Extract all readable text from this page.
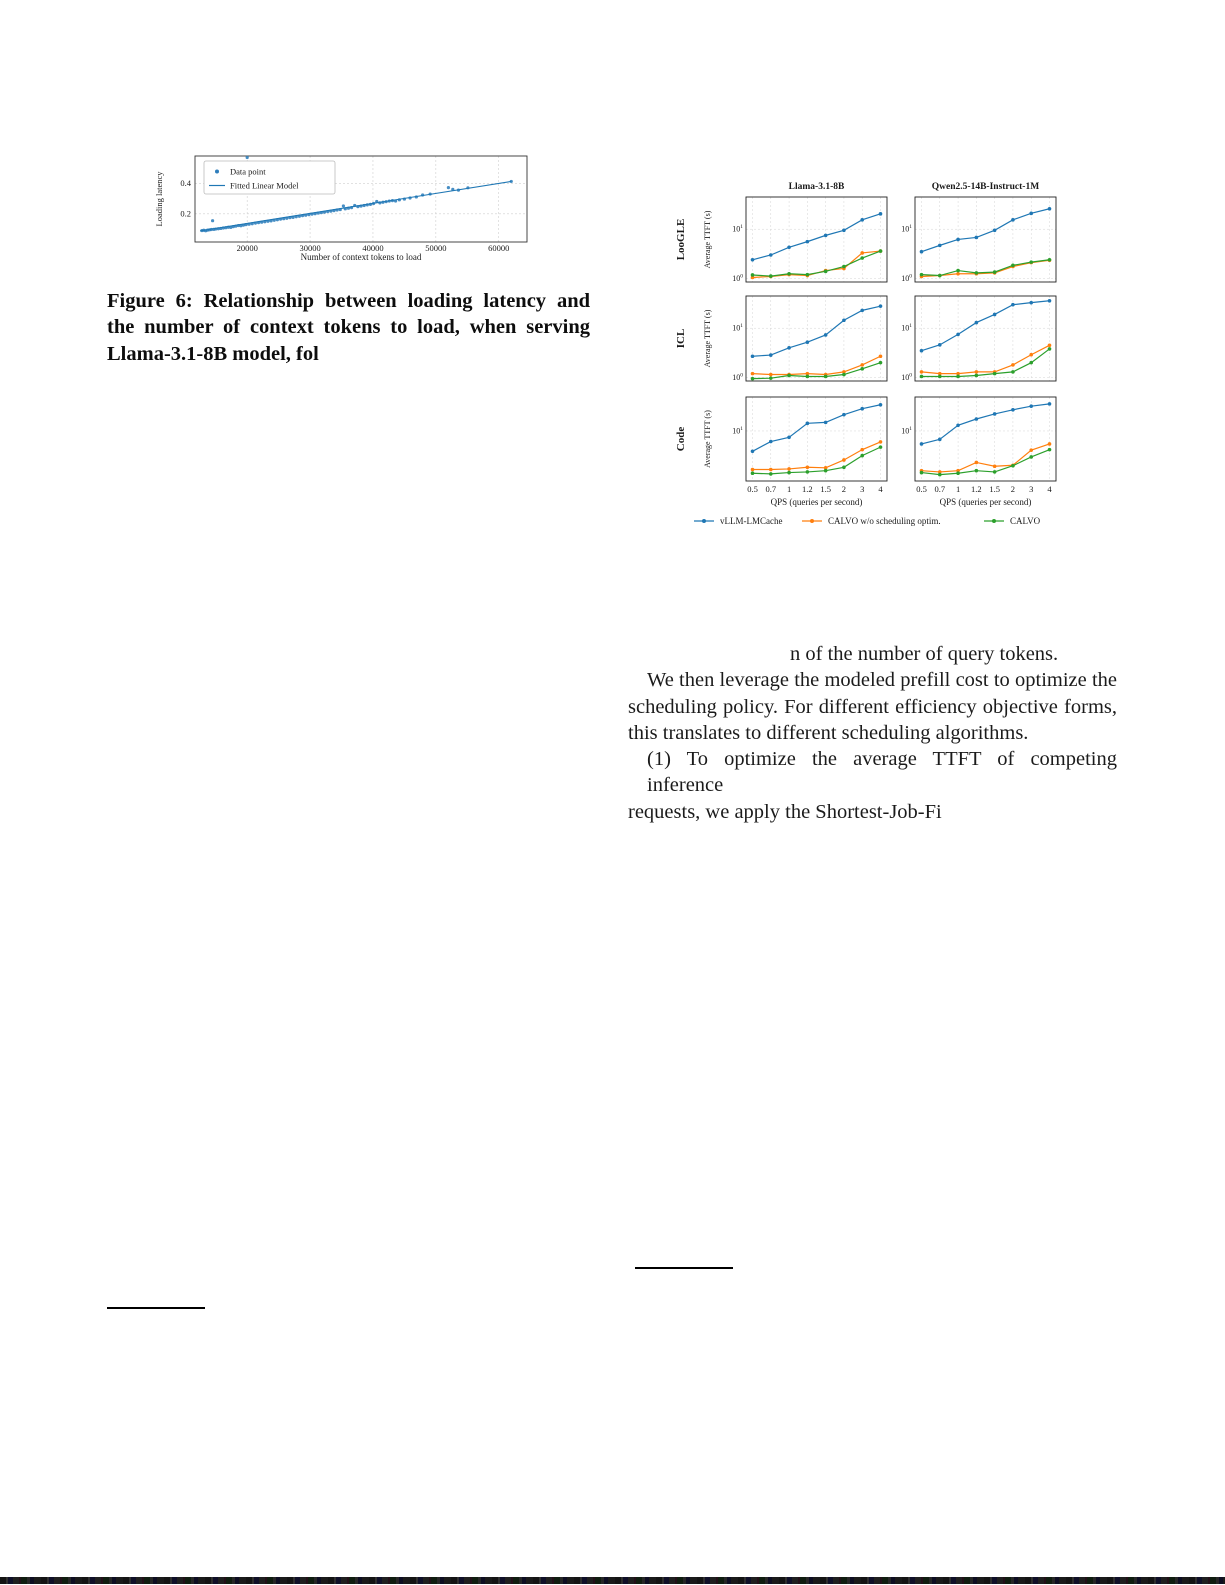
20000	30000	40000	50000	60000
0.2
0.4
Data point
Fitted Linear Model
Loading latency
Number of context tokens to load
Figure 6: Relationship between loading latency and
the number of context tokens to load, when serving
Llama-3.1-8B model, fol
Llama-3.1-8B	Qwen2.5-14B-Instruct-1M
LooGLE Average TTFT (s)
$10^0$
$10^1$
$10^0$
$10^1$
ICL Average TTFT (s)
$10^0$
$10^1$
$10^0$
$10^1$
Code Average TTFT (s)	$10^1$
0.5 0.7 1 1.2 1.5 2 3 4
QPS (queries per second)
$10^1$
0.5 0.7 1 1.2 1.5 2 3 4
QPS (queries per second)
vLLM-LMCache	CALVO w/o scheduling optim.	CALVO
n of the number of query tokens.
We then leverage the modeled prefill cost to optimize the
scheduling policy. For different efficiency objective forms,
this translates to different scheduling algorithms.
(1) To optimize the average TTFT of competing inference
requests, we apply the Shortest-Job-Fi
